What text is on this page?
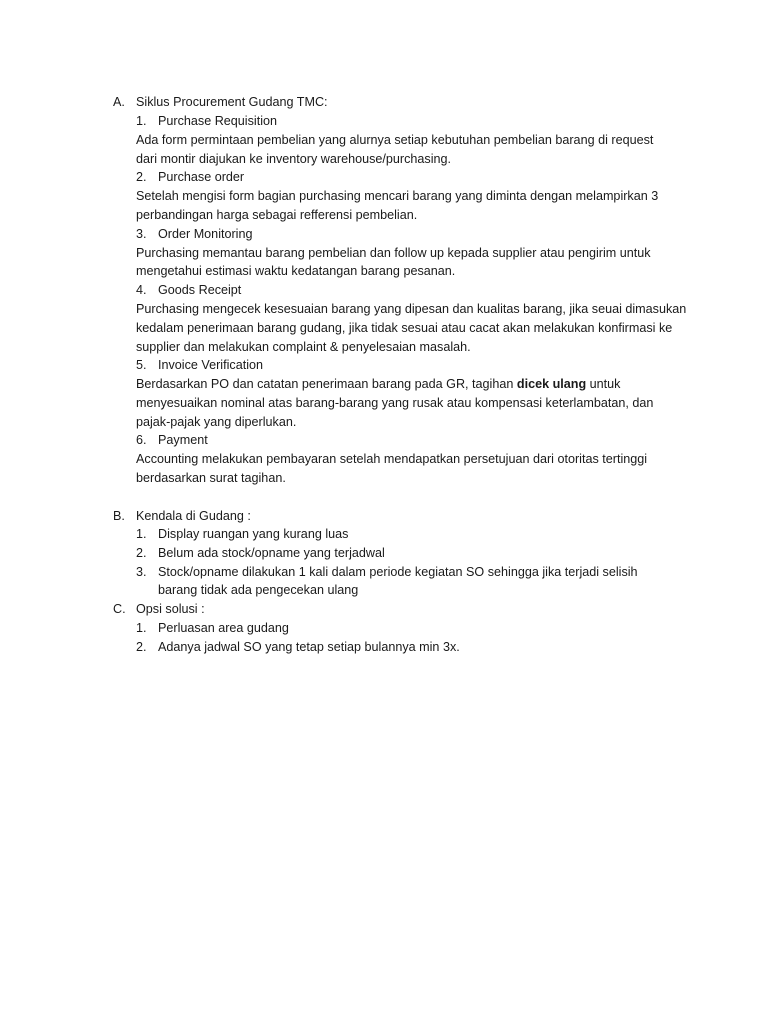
A. Siklus Procurement Gudang TMC:
1. Purchase Requisition
Ada form permintaan pembelian yang alurnya setiap kebutuhan pembelian barang di request
dari montir diajukan ke inventory warehouse/purchasing.
2. Purchase order
Setelah mengisi form bagian purchasing mencari barang yang diminta dengan melampirkan 3
perbandingan harga sebagai refferensi pembelian.
3. Order Monitoring
Purchasing memantau barang pembelian dan follow up kepada supplier atau pengirim untuk
mengetahui estimasi waktu kedatangan barang pesanan.
4. Goods Receipt
Purchasing mengecek kesesuaian barang yang dipesan dan kualitas barang, jika seuai dimasukan
kedalam penerimaan barang gudang, jika tidak sesuai atau cacat akan melakukan konfirmasi ke
supplier dan melakukan complaint & penyelesaian masalah.
5. Invoice Verification
Berdasarkan PO dan catatan penerimaan barang pada GR, tagihan dicek ulang untuk
menyesuaikan nominal atas barang-barang yang rusak atau kompensasi keterlambatan, dan
pajak-pajak yang diperlukan.
6. Payment
Accounting melakukan pembayaran setelah mendapatkan persetujuan dari otoritas tertinggi
berdasarkan surat tagihan.
B. Kendala di Gudang :
1. Display ruangan yang kurang luas
2. Belum ada stock/opname yang terjadwal
3. Stock/opname dilakukan 1 kali dalam periode kegiatan SO sehingga jika terjadi selisih
barang tidak ada pengecekan ulang
C. Opsi solusi :
1. Perluasan area gudang
2. Adanya jadwal SO yang tetap setiap bulannya min 3x.
